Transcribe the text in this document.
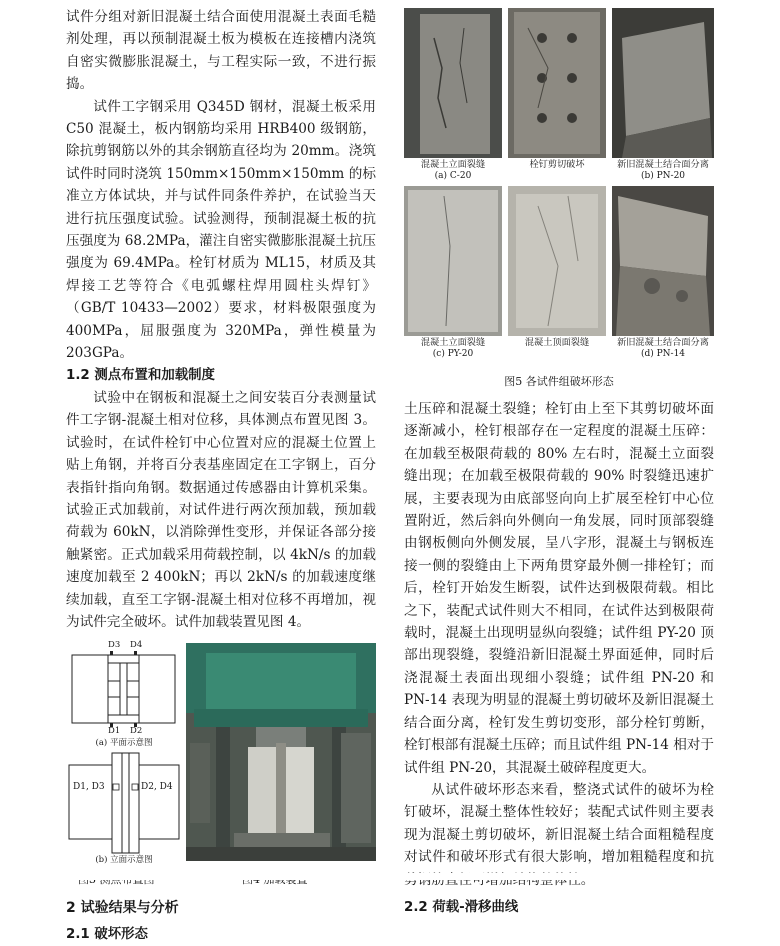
试件分组对新旧混凝土结合面使用混凝土表面毛糙剂处理，再以预制混凝土板为模板在连接槽内浇筑自密实微膨胀混凝土，与工程实际一致，不进行振捣。

试件工字钢采用 Q345D 钢材，混凝土板采用 C50 混凝土，板内钢筋均采用 HRB400 级钢筋，除抗剪钢筋以外的其余钢筋直径均为 20mm。浇筑试件时同时浇筑 150mm×150mm×150mm 的标准立方体试块，并与试件同条件养护，在试验当天进行抗压强度试验。试验测得，预制混凝土板的抗压强度为 68.2MPa，灌注自密实微膨胀混凝土抗压强度为 69.4MPa。栓钉材质为 ML15，材质及其焊接工艺等符合《电弧螺柱焊用圆柱头焊钉》（GB/T 10433—2002）要求，材料极限强度为 400MPa，屈服强度为 320MPa，弹性模量为 203GPa。

1.2 测点布置和加载制度

试验中在钢板和混凝土之间安装百分表测量试件工字钢-混凝土相对位移，具体测点布置见图 3。试验时，在试件栓钉中心位置对应的混凝土位置上贴上角钢，并将百分表基座固定在工字钢上，百分表指针指向角钢。数据通过传感器由计算机采集。试验正式加载前，对试件进行两次预加载，预加载荷载为 60kN，以消除弹性变形，并保证各部分接触紧密。正式加载采用荷载控制，以 4kN/s 的加载速度加载至 2 400kN；再以 2kN/s 的加载速度继续加载，直至工字钢-混凝土相对位移不再增加，视为试件完全破坏。试件加载装置见图 4。

D3 D4
D1 D2
(a) 平面示意图
D1, D3	D2, D4
(b) 立面示意图

2 试验结果与分析

2.1 破坏形态

混凝土立面裂缝	栓钉剪切破坏	新旧混凝土结合面分离
(a) C-20	(b) PN-20
混凝土立面裂缝	混凝土顶面裂缝	新旧混凝土结合面分离
(c) PY-20	(d) PN-14
图5 各试件组破坏形态

土压碎和混凝土裂缝；栓钉由上至下其剪切破坏面逐渐减小，栓钉根部存在一定程度的混凝土压碎：在加载至极限荷载的 80% 左右时，混凝土立面裂缝出现；在加载至极限荷载的 90% 时裂缝迅速扩展，主要表现为由底部竖向向上扩展至栓钉中心位置附近，然后斜向外侧向一角发展，同时顶部裂缝由钢板侧向外侧发展，呈八字形，混凝土与钢板连接一侧的裂缝由上下两角贯穿最外侧一排栓钉；而后，栓钉开始发生断裂，试件达到极限荷载。相比之下，装配式试件则大不相同，在试件达到极限荷载时，混凝土出现明显纵向裂缝；试件组 PY-20 顶部出现裂缝，裂缝沿新旧混凝土界面延伸，同时后浇混凝土表面出现细小裂缝；试件组 PN-20 和 PN-14 表现为明显的混凝土剪切破坏及新旧混凝土结合面分离，栓钉发生剪切变形，部分栓钉剪断，栓钉根部有混凝土压碎；而且试件组 PN-14 相对于试件组 PN-20，其混凝土破碎程度更大。

从试件破坏形态来看，整浇式试件的破坏为栓钉破坏，混凝土整体性较好；装配式试件则主要表现为混凝土剪切破坏，新旧混凝土结合面粗糙程度对试件和破坏形式有很大影响，增加粗糙程度和抗

2.2 荷载-滑移曲线
